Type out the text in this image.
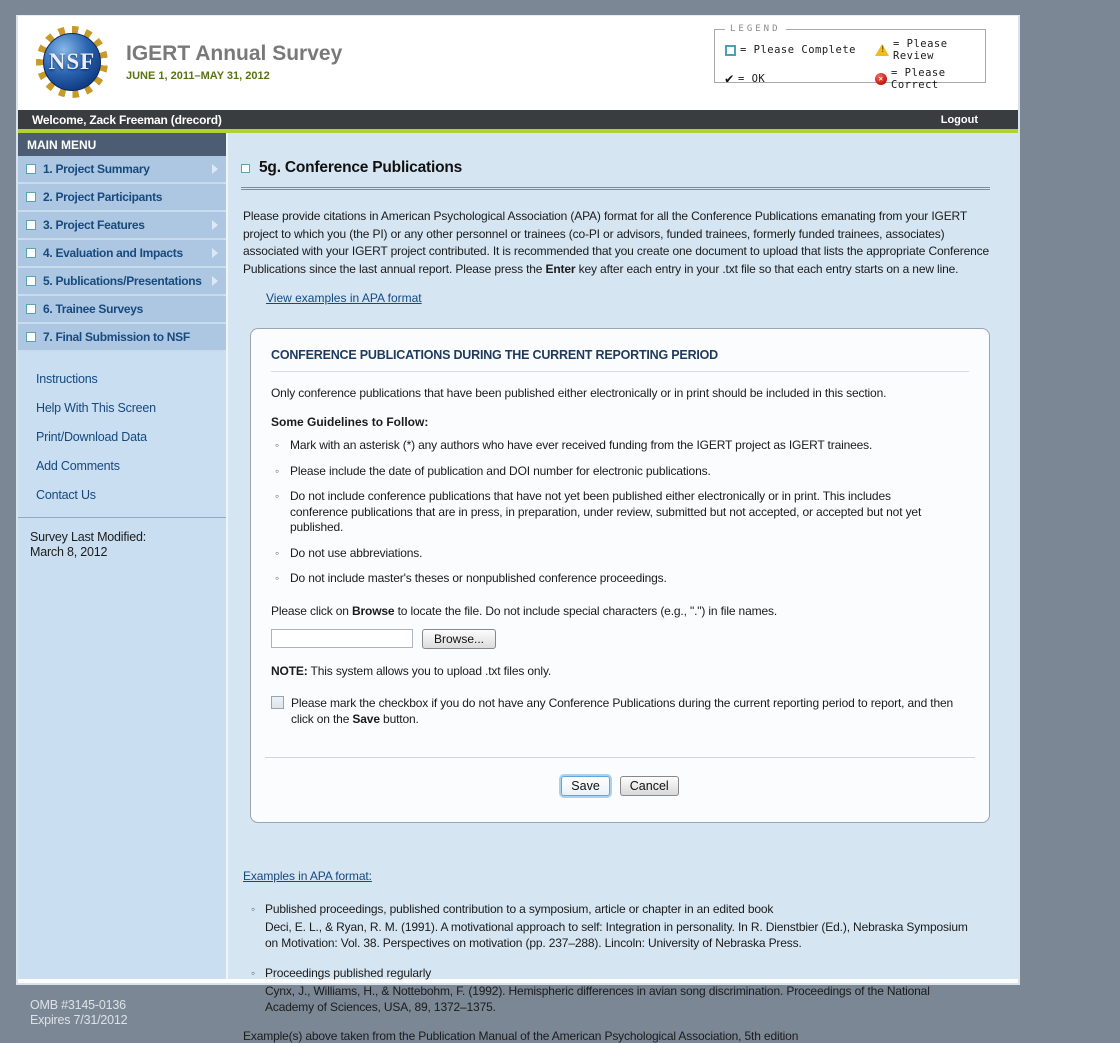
NSF IGERT Annual Survey
JUNE 1, 2011–MAY 31, 2012
LEGEND
= Please Complete !	= Please Review
✔ = OK ✕	= Please Correct
Welcome, Zack Freeman (drecord)	Logout
MAIN MENU
1. Project Summary
2. Project Participants
3. Project Features
4. Evaluation and Impacts
5. Publications/Presentations
6. Trainee Surveys
7. Final Submission to NSF
Instructions
Help With This Screen
Print/Download Data
Add Comments
Contact Us
Survey Last Modified:
March 8, 2012
5g. Conference Publications

Please provide citations in American Psychological Association (APA) format for all the Conference Publications emanating from your IGERT project to which you (the PI) or any other personnel or trainees (co-PI or advisors, funded trainees, formerly funded trainees, associates) associated with your IGERT project contributed. It is recommended that you create one document to upload that lists the appropriate Conference Publications since the last annual report. Please press the Enter key after each entry in your .txt file so that each entry starts on a new line.

View examples in APA format
CONFERENCE PUBLICATIONS DURING THE CURRENT REPORTING PERIOD

Only conference publications that have been published either electronically or in print should be included in this section.

Some Guidelines to Follow:
◦ Mark with an asterisk (*) any authors who have ever received funding from the IGERT project as IGERT trainees.
◦ Please include the date of publication and DOI number for electronic publications.
◦ Do not include conference publications that have not yet been published either electronically or in print. This includes conference publications that are in press, in preparation, under review, submitted but not accepted, or accepted but not yet published.
◦ Do not use abbreviations.
◦ Do not include master's theses or nonpublished conference proceedings.

Please click on Browse to locate the file. Do not include special characters (e.g., ".") in file names.

Browse...

NOTE: This system allows you to upload .txt files only.

Please mark the checkbox if you do not have any Conference Publications during the current reporting period to report, and then click on the Save button.
Save	Cancel
Examples in APA format:
◦ Published proceedings, published contribution to a symposium, article or chapter in an edited book
Deci, E. L., & Ryan, R. M. (1991). A motivational approach to self: Integration in personality. In R. Dienstbier (Ed.), Nebraska Symposium on Motivation: Vol. 38. Perspectives on motivation (pp. 237–288). Lincoln: University of Nebraska Press.
◦ Proceedings published regularly
Cynx, J., Williams, H., & Nottebohm, F. (1992). Hemispheric differences in avian song discrimination. Proceedings of the National Academy of Sciences, USA, 89, 1372–1375.
Example(s) above taken from the Publication Manual of the American Psychological Association, 5th edition
OMB #3145-0136
Expires 7/31/2012
